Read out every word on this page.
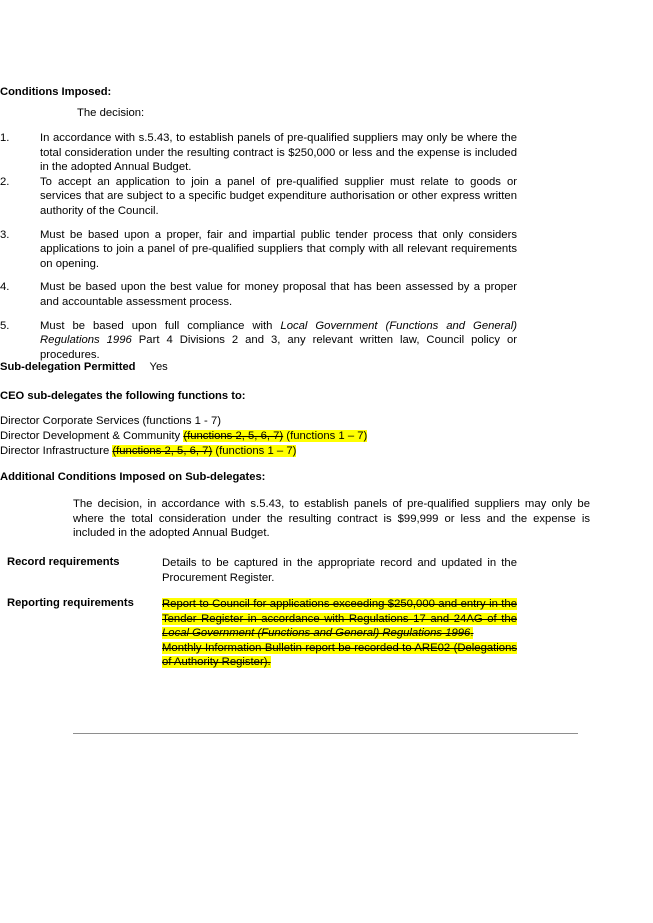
Conditions Imposed:
The decision:
1.	In accordance with s.5.43, to establish panels of pre-qualified suppliers may only be where the total consideration under the resulting contract is $250,000 or less and the expense is included in the adopted Annual Budget.
2.	To accept an application to join a panel of pre-qualified supplier must relate to goods or services that are subject to a specific budget expenditure authorisation or other express written authority of the Council.
3.	Must be based upon a proper, fair and impartial public tender process that only considers applications to join a panel of pre-qualified suppliers that comply with all relevant requirements on opening.
4.	Must be based upon the best value for money proposal that has been assessed by a proper and accountable assessment process.
5.	Must be based upon full compliance with Local Government (Functions and General) Regulations 1996 Part 4 Divisions 2 and 3, any relevant written law, Council policy or procedures.
Sub-delegation Permitted Yes
CEO sub-delegates the following functions to:
Director Corporate Services (functions 1 - 7)
Director Development & Community (functions 2, 5, 6, 7) (functions 1 – 7)
Director Infrastructure (functions 2, 5, 6, 7) (functions 1 – 7)
Additional Conditions Imposed on Sub-delegates:
The decision, in accordance with s.5.43, to establish panels of pre-qualified suppliers may only be where the total consideration under the resulting contract is $99,999 or less and the expense is included in the adopted Annual Budget.
Record requirements	Details to be captured in the appropriate record and updated in the Procurement Register.
Reporting requirements Report to Council for applications exceeding $250,000 and entry in the Tender Register in accordance with Regulations 17 and 24AG of the Local Government (Functions and General) Regulations 1996.
Monthly Information Bulletin report be recorded to ARE02 (Delegations of Authority Register).
